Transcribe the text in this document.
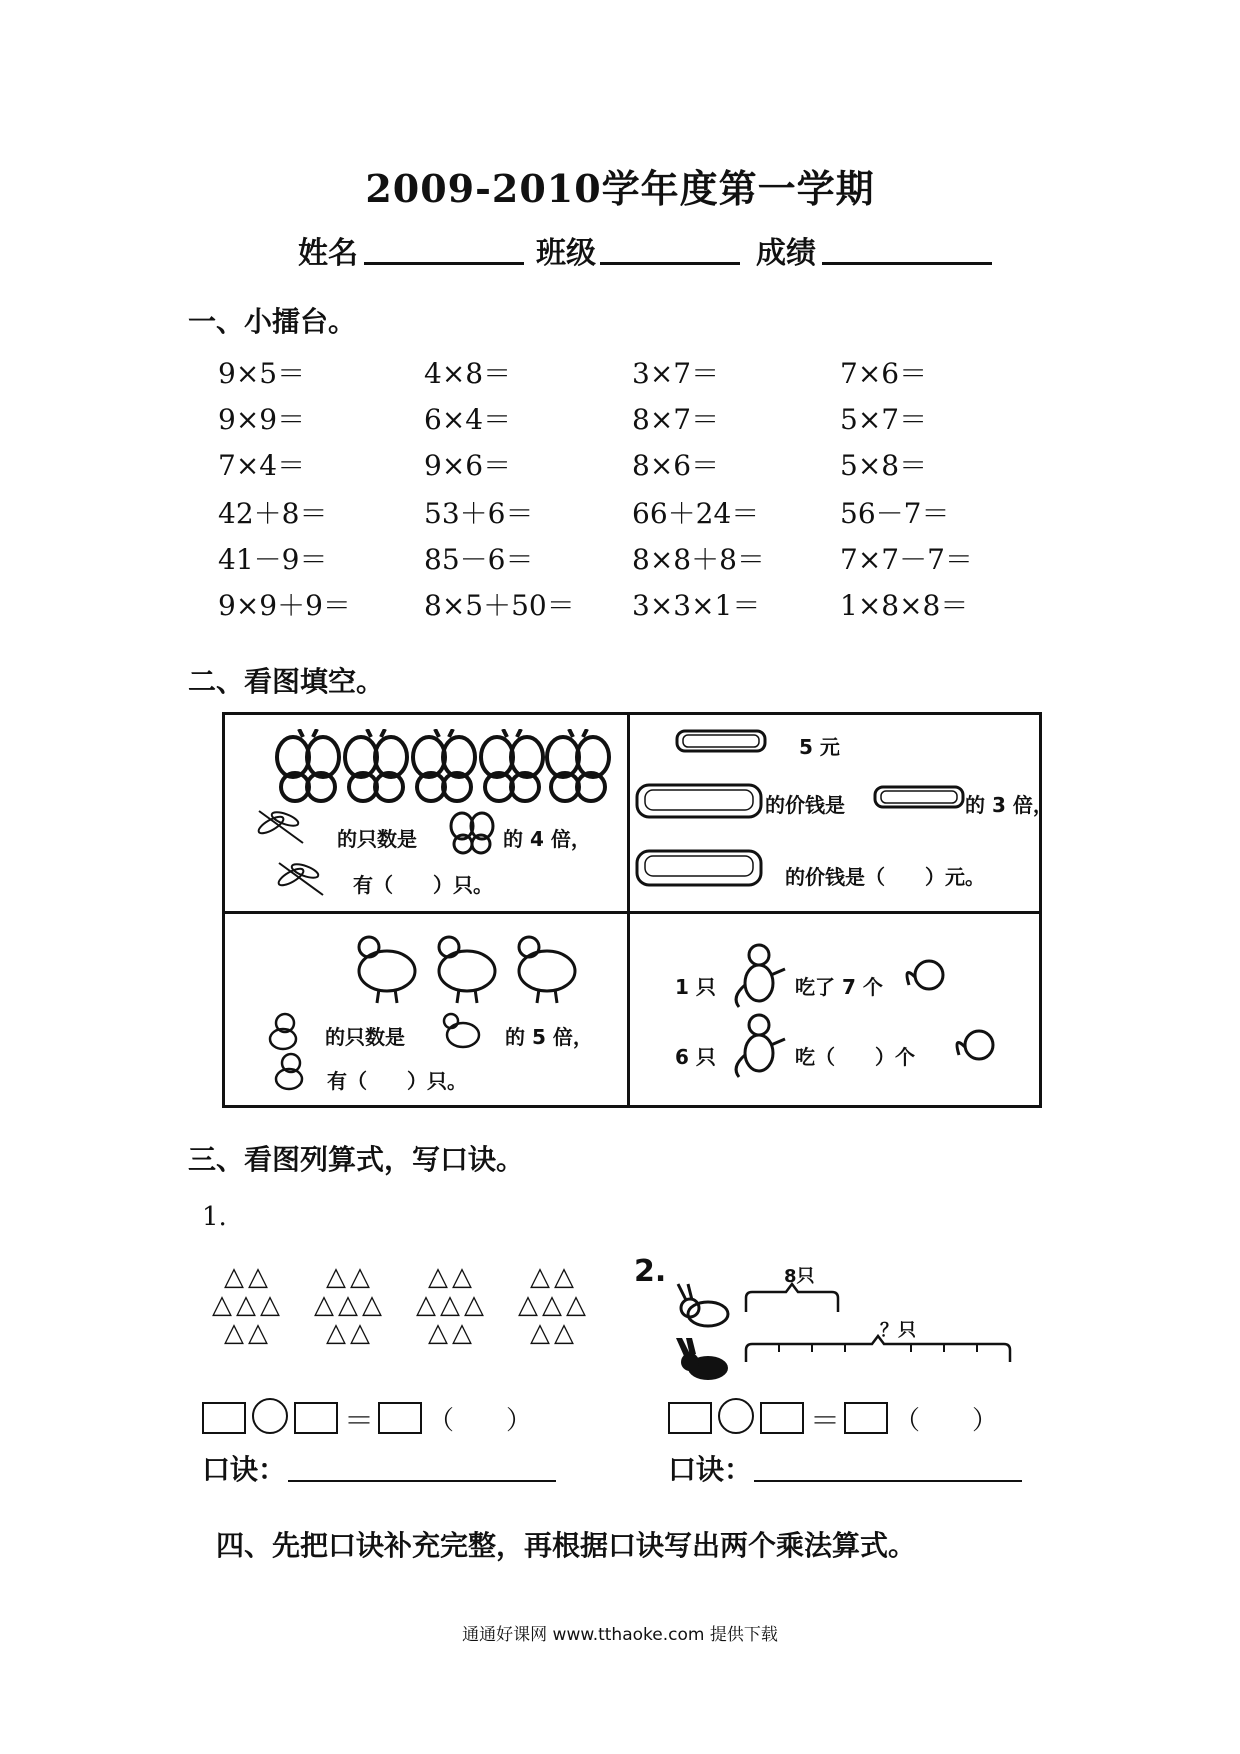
2009-2010学年度第一学期
姓名	班级	成绩
一、小擂台。
9×5＝	4×8＝	3×7＝	7×6＝
9×9＝	6×4＝	8×7＝	5×7＝
7×4＝	9×6＝	8×6＝	5×8＝
42＋8＝	53＋6＝	66＋24＝	56－7＝
41－9＝	85－6＝	8×8＋8＝	7×7－7＝
9×9＋9＝	8×5＋50＝ 3×3×1＝	1×8×8＝
二、看图填空。
的只数是	的 4 倍，
有（　　）只。
5 元
的价钱是	的 3 倍，
的价钱是（　　）元。
的只数是	的 5 倍，
有（　　）只。
1 只	吃了 7 个
6 只	吃（　　）个
三、看图列算式，写口诀。
1.
△△
△△△
△△
△△
△△△
△△
△△
△△△
△△
△△
△△△
△△
2.	8只
？只
＝ （　　）
口诀：
＝ （　　）
口诀：
四、先把口诀补充完整，再根据口诀写出两个乘法算式。
通通好课网 www.tthaoke.com 提供下载
